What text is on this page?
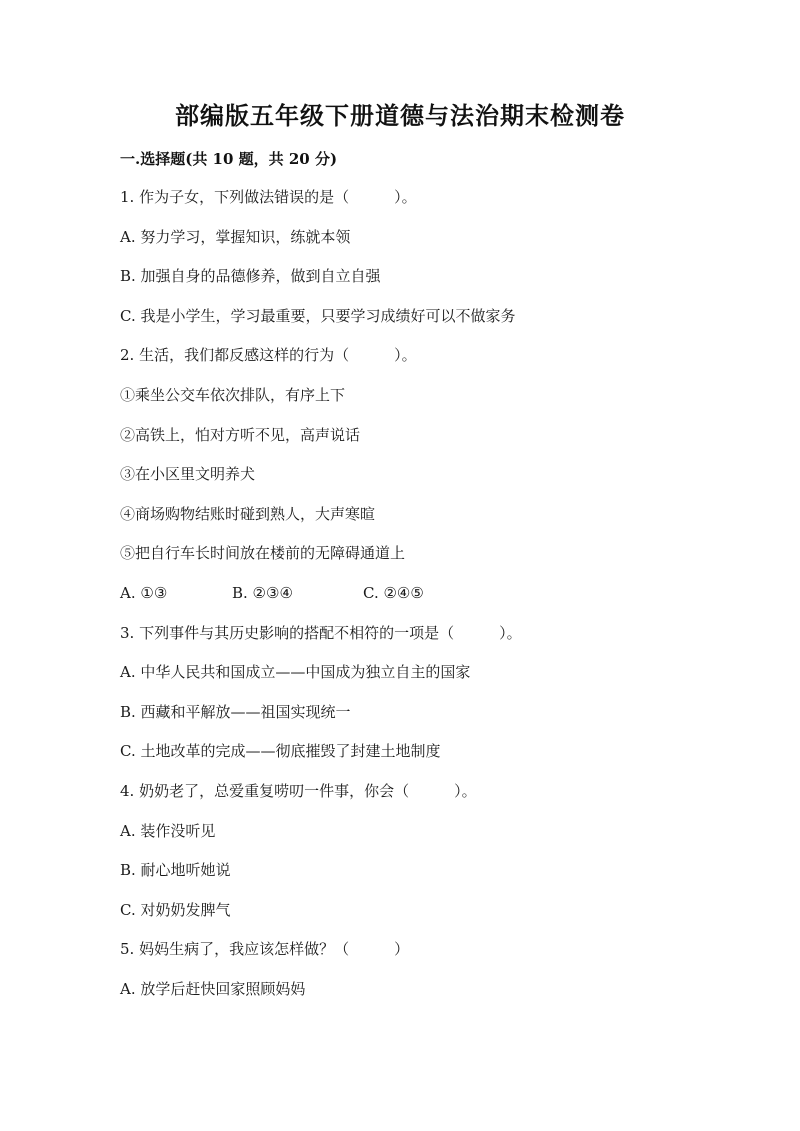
部编版五年级下册道德与法治期末检测卷
一.选择题(共 10 题，共 20 分)
1. 作为子女，下列做法错误的是（　　　）。
A. 努力学习，掌握知识，练就本领
B. 加强自身的品德修养，做到自立自强
C. 我是小学生，学习最重要，只要学习成绩好可以不做家务
2. 生活，我们都反感这样的行为（　　　）。
①乘坐公交车依次排队，有序上下
②高铁上，怕对方听不见，高声说话
③在小区里文明养犬
④商场购物结账时碰到熟人，大声寒暄
⑤把自行车长时间放在楼前的无障碍通道上
A. ①③	B. ②③④	C. ②④⑤
3. 下列事件与其历史影响的搭配不相符的一项是（　　　）。
A. 中华人民共和国成立——中国成为独立自主的国家
B. 西藏和平解放——祖国实现统一
C. 土地改革的完成——彻底摧毁了封建土地制度
4. 奶奶老了，总爱重复唠叨一件事，你会（　　　）。
A. 装作没听见
B. 耐心地听她说
C. 对奶奶发脾气
5. 妈妈生病了，我应该怎样做？（　　　）
A. 放学后赶快回家照顾妈妈
